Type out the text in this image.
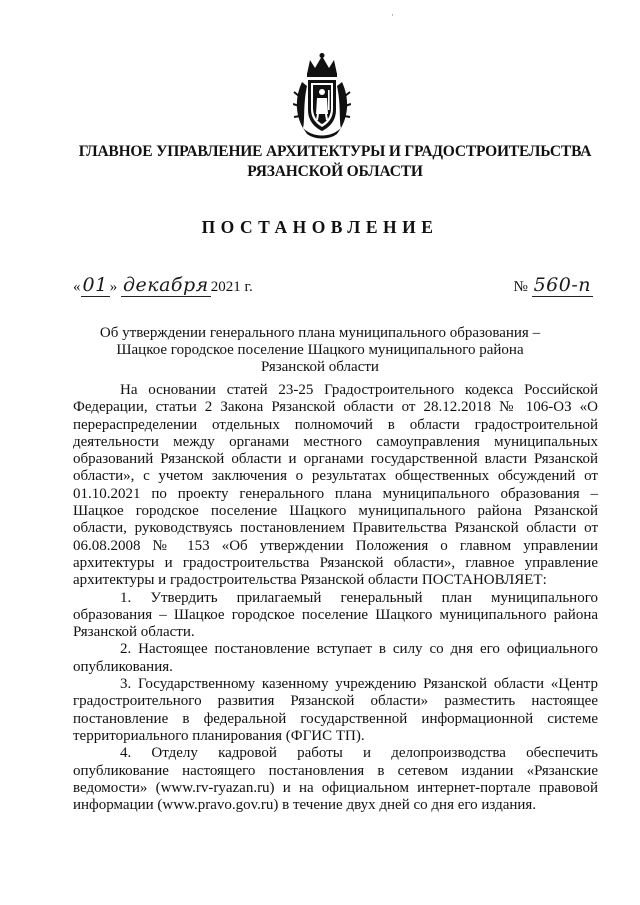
·
ГЛАВНОЕ УПРАВЛЕНИЕ АРХИТЕКТУРЫ И ГРАДОСТРОИТЕЛЬСТВА
РЯЗАНСКОЙ ОБЛАСТИ
ПОСТАНОВЛЕНИЕ
« 01 » декабря 2021 г.	№ 560-п
Об утверждении генерального плана муниципального образования –
Шацкое городское поселение Шацкого муниципального района
Рязанской области

На основании статей 23-25 Градостроительного кодекса Российской Федерации, статьи 2 Закона Рязанской области от 28.12.2018 № 106-ОЗ «О перераспределении отдельных полномочий в области градостроительной деятельности между органами местного самоуправления муниципальных образований Рязанской области и органами государственной власти Рязанской области», с учетом заключения о результатах общественных обсуждений от 01.10.2021 по проекту генерального плана муниципального образования – Шацкое городское поселение Шацкого муниципального района Рязанской области, руководствуясь постановлением Правительства Рязанской области от 06.08.2008 № 153 «Об утверждении Положения о главном управлении архитектуры и градостроительства Рязанской области», главное управление архитектуры и градостроительства Рязанской области ПОСТАНОВЛЯЕТ:

1. Утвердить прилагаемый генеральный план муниципального образования – Шацкое городское поселение Шацкого муниципального района Рязанской области.

2. Настоящее постановление вступает в силу со дня его официального опубликования.

3. Государственному казенному учреждению Рязанской области «Центр градостроительного развития Рязанской области» разместить настоящее постановление в федеральной государственной информационной системе территориального планирования (ФГИС ТП).

4. Отделу кадровой работы и делопроизводства обеспечить опубликование настоящего постановления в сетевом издании «Рязанские ведомости» (www.rv-ryazan.ru) и на официальном интернет-портале правовой информации (www.pravo.gov.ru) в течение двух дней со дня его издания.
